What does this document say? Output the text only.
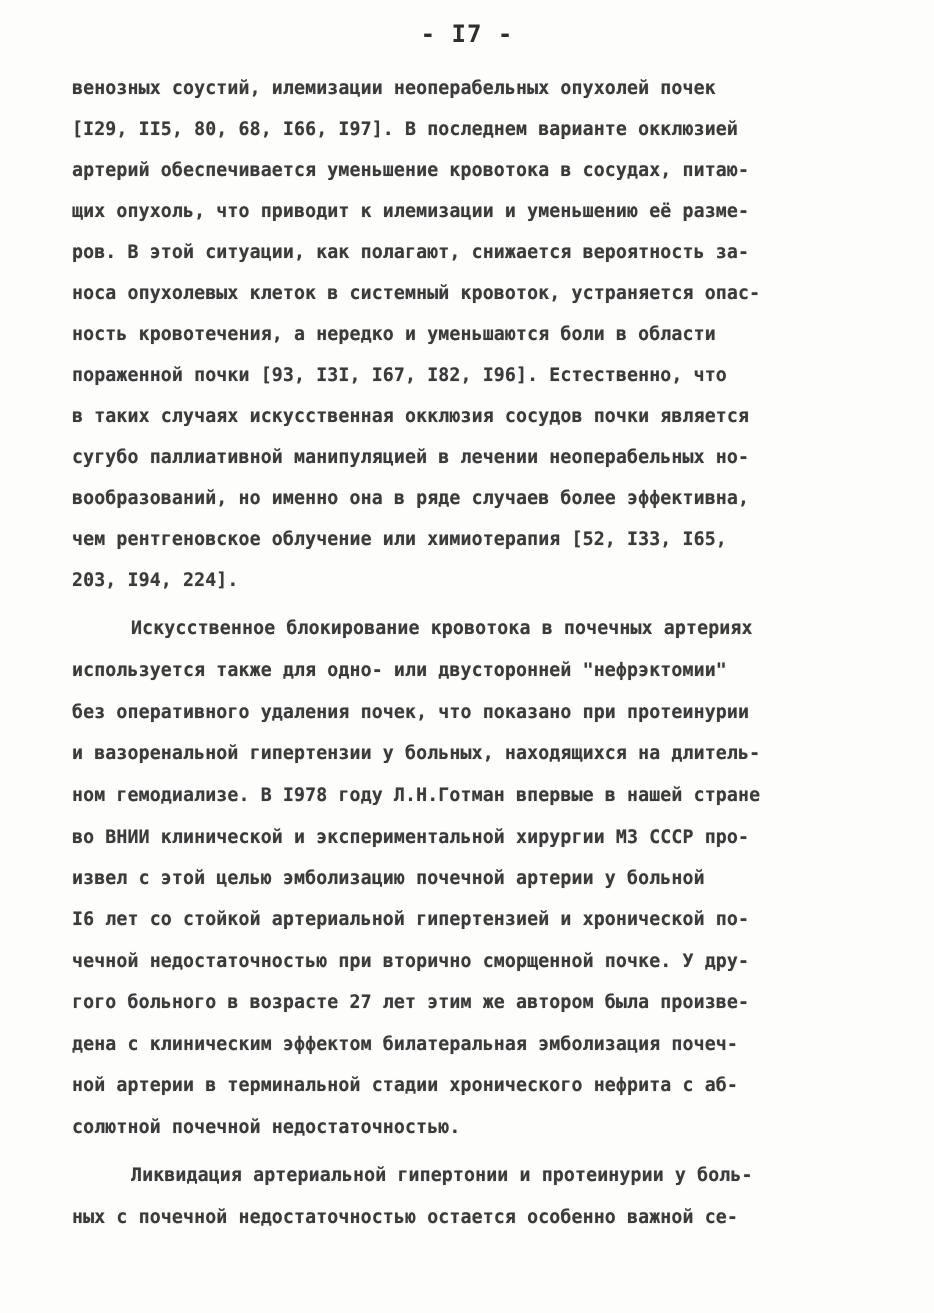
- I7 -
венозных соустий, илемизации неоперабельных опухолей почек
[I29, II5, 80, 68, I66, I97]. В последнем варианте окклюзией
артерий обеспечивается уменьшение кровотока в сосудах, питаю-
щих опухоль, что приводит к илемизации и уменьшению её разме-
ров. В этой ситуации, как полагают, снижается вероятность за-
носа опухолевых клеток в системный кровоток, устраняется опас-
ность кровотечения, а нередко и уменьшаются боли в области
пораженной почки [93, I3I, I67, I82, I96]. Естественно, что
в таких случаях искусственная окклюзия сосудов почки является
сугубо паллиативной манипуляцией в лечении неоперабельных но-
вообразований, но именно она в ряде случаев более эффективна,
чем рентгеновское облучение или химиотерапия [52, I33, I65,
203, I94, 224].
Искусственное блокирование кровотока в почечных артериях
используется также для одно- или двусторонней "нефрэктомии"
без оперативного удаления почек, что показано при протеинурии
и вазоренальной гипертензии у больных, находящихся на длитель-
ном гемодиализе. В I978 году Л.Н.Готман впервые в нашей стране
во ВНИИ клинической и экспериментальной хирургии МЗ СССР про-
извел с этой целью эмболизацию почечной артерии у больной
I6 лет со стойкой артериальной гипертензией и хронической по-
чечной недостаточностью при вторично сморщенной почке. У дру-
гого больного в возрасте 27 лет этим же автором была произве-
дена с клиническим эффектом билатеральная эмболизация почеч-
ной артерии в терминальной стадии хронического нефрита с аб-
солютной почечной недостаточностью.
Ликвидация артериальной гипертонии и протеинурии у боль-
ных с почечной недостаточностью остается особенно важной се-
